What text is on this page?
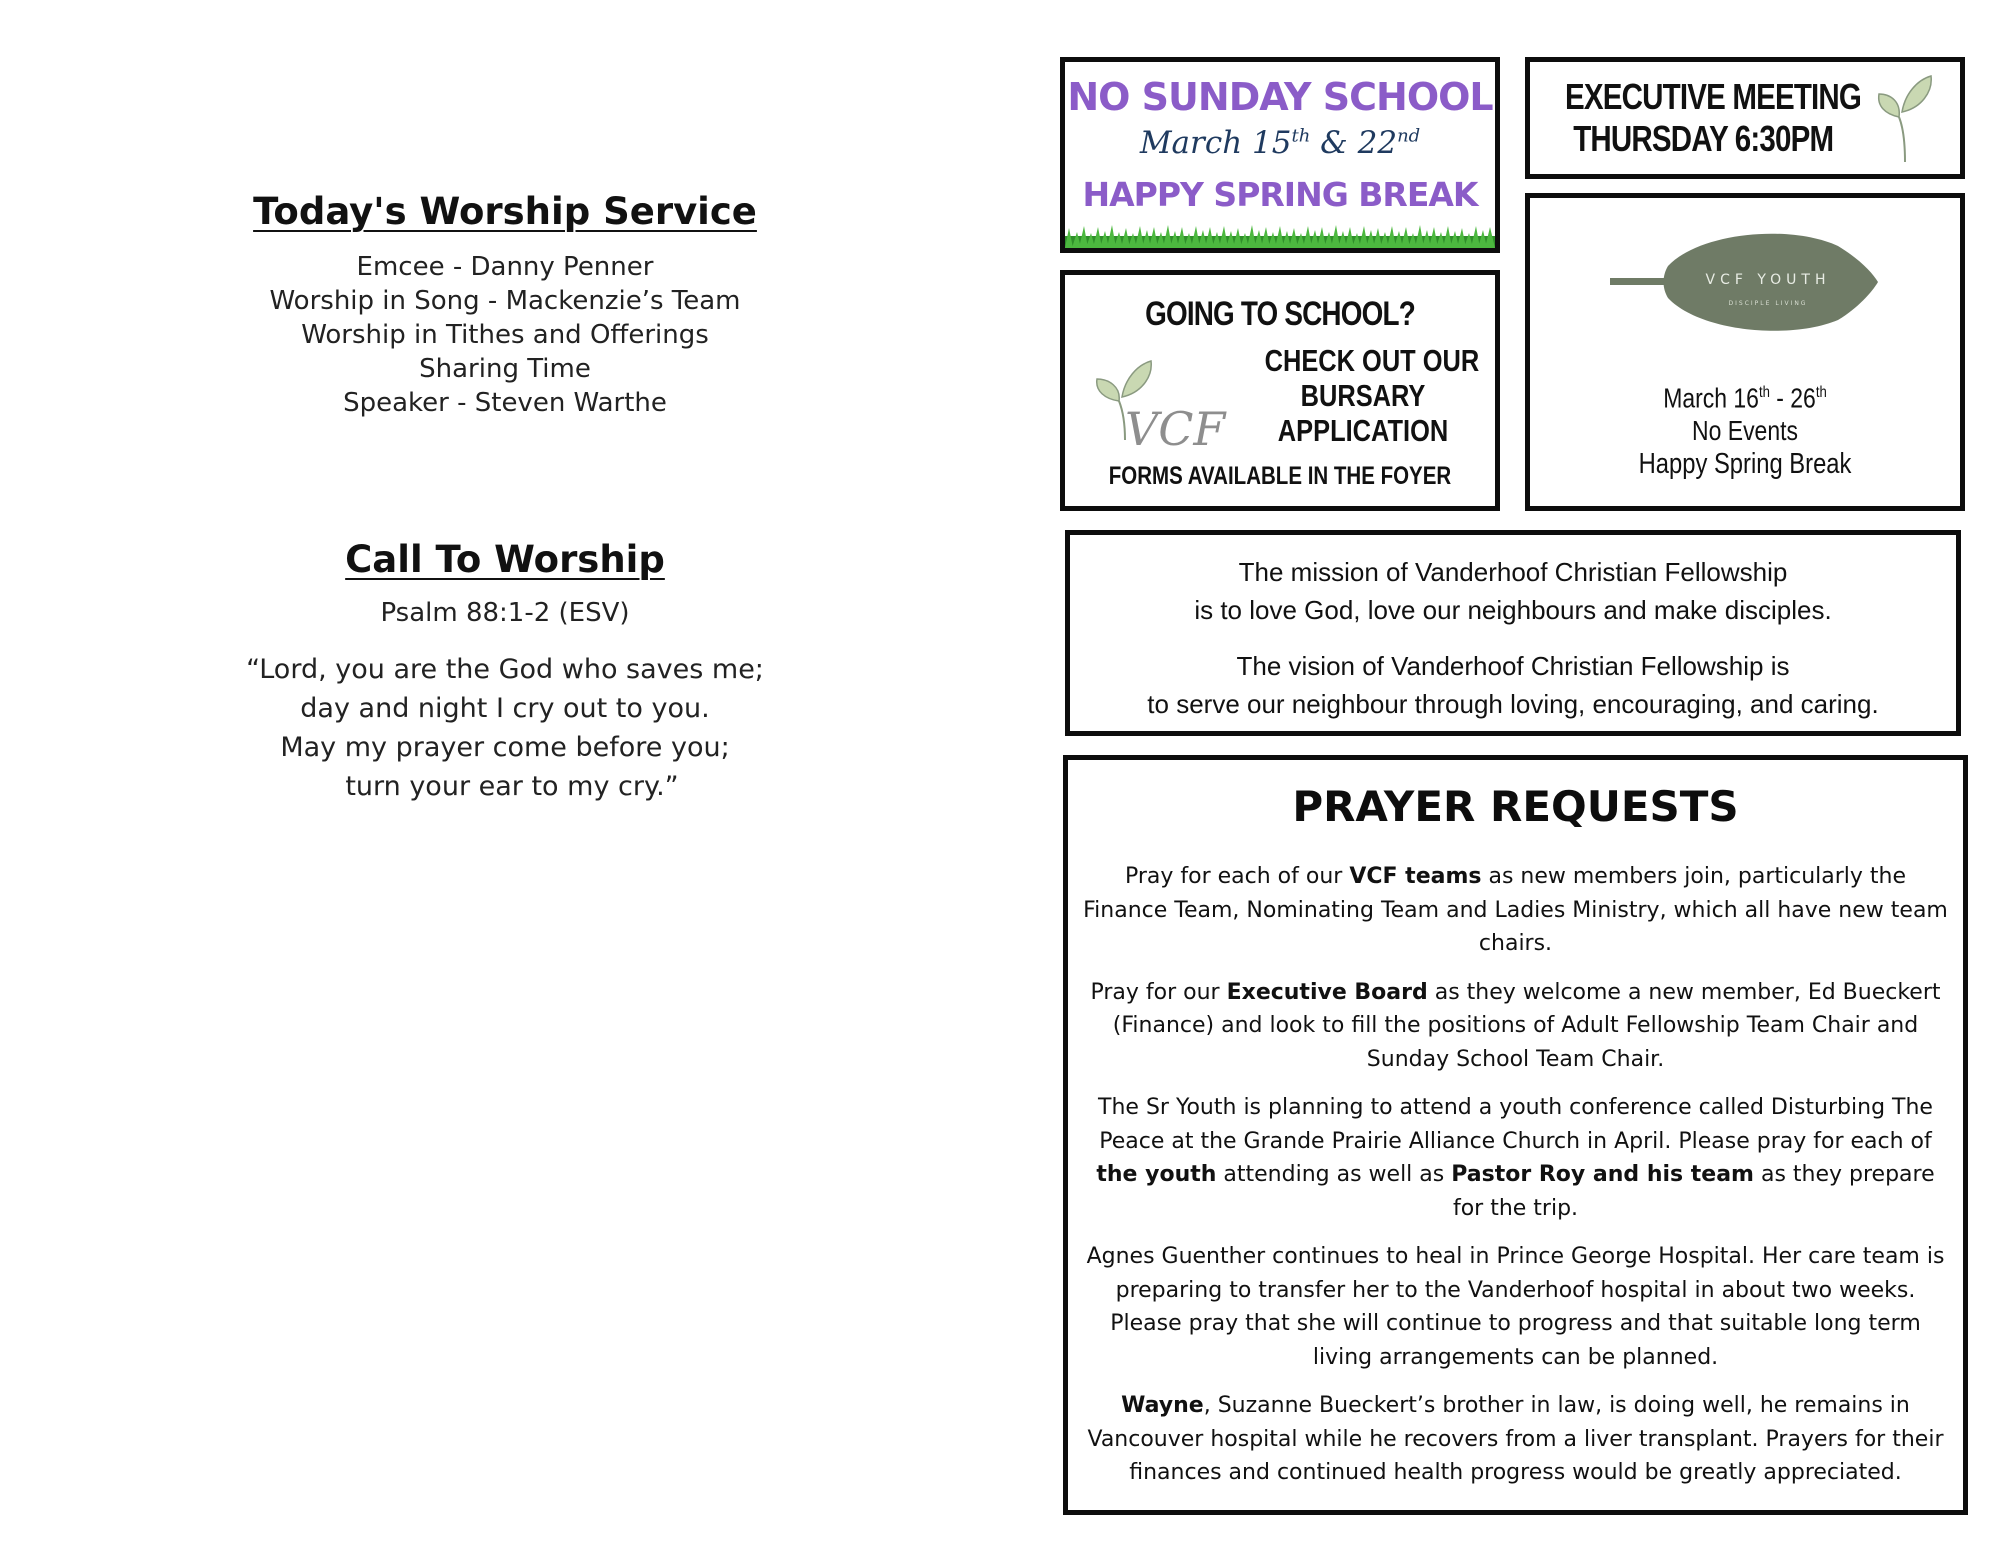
Today's Worship Service
Emcee - Danny Penner
Worship in Song - Mackenzie’s Team
Worship in Tithes and Offerings
Sharing Time
Speaker - Steven Warthe
Call To Worship
Psalm 88:1-2 (ESV)
“Lord, you are the God who saves me;
day and night I cry out to you.
May my prayer come before you;
turn your ear to my cry.”
NO SUNDAY SCHOOL
March 15th & 22nd
HAPPY SPRING BREAK
EXECUTIVE MEETING
THURSDAY 6:30PM
GOING TO SCHOOL?
VCF
CHECK OUT OUR
BURSARY
APPLICATION
FORMS AVAILABLE IN THE FOYER
VCF YOUTH
DISCIPLE LIVING
March 16th - 26th
No Events
Happy Spring Break
The mission of Vanderhoof Christian Fellowship
is to love God, love our neighbours and make disciples.
The vision of Vanderhoof Christian Fellowship is
to serve our neighbour through loving, encouraging, and caring.
PRAYER REQUESTS

Pray for each of our VCF teams as new members join, particularly the Finance Team, Nominating Team and Ladies Ministry, which all have new team chairs.

Pray for our Executive Board as they welcome a new member, Ed Bueckert (Finance) and look to fill the positions of Adult Fellowship Team Chair and Sunday School Team Chair.

The Sr Youth is planning to attend a youth conference called Disturbing The Peace at the Grande Prairie Alliance Church in April. Please pray for each of the youth attending as well as Pastor Roy and his team as they prepare for the trip.

Agnes Guenther continues to heal in Prince George Hospital. Her care team is preparing to transfer her to the Vanderhoof hospital in about two weeks. Please pray that she will continue to progress and that suitable long term living arrangements can be planned.

Wayne, Suzanne Bueckert’s brother in law, is doing well, he remains in Vancouver hospital while he recovers from a liver transplant. Prayers for their finances and continued health progress would be greatly appreciated.
